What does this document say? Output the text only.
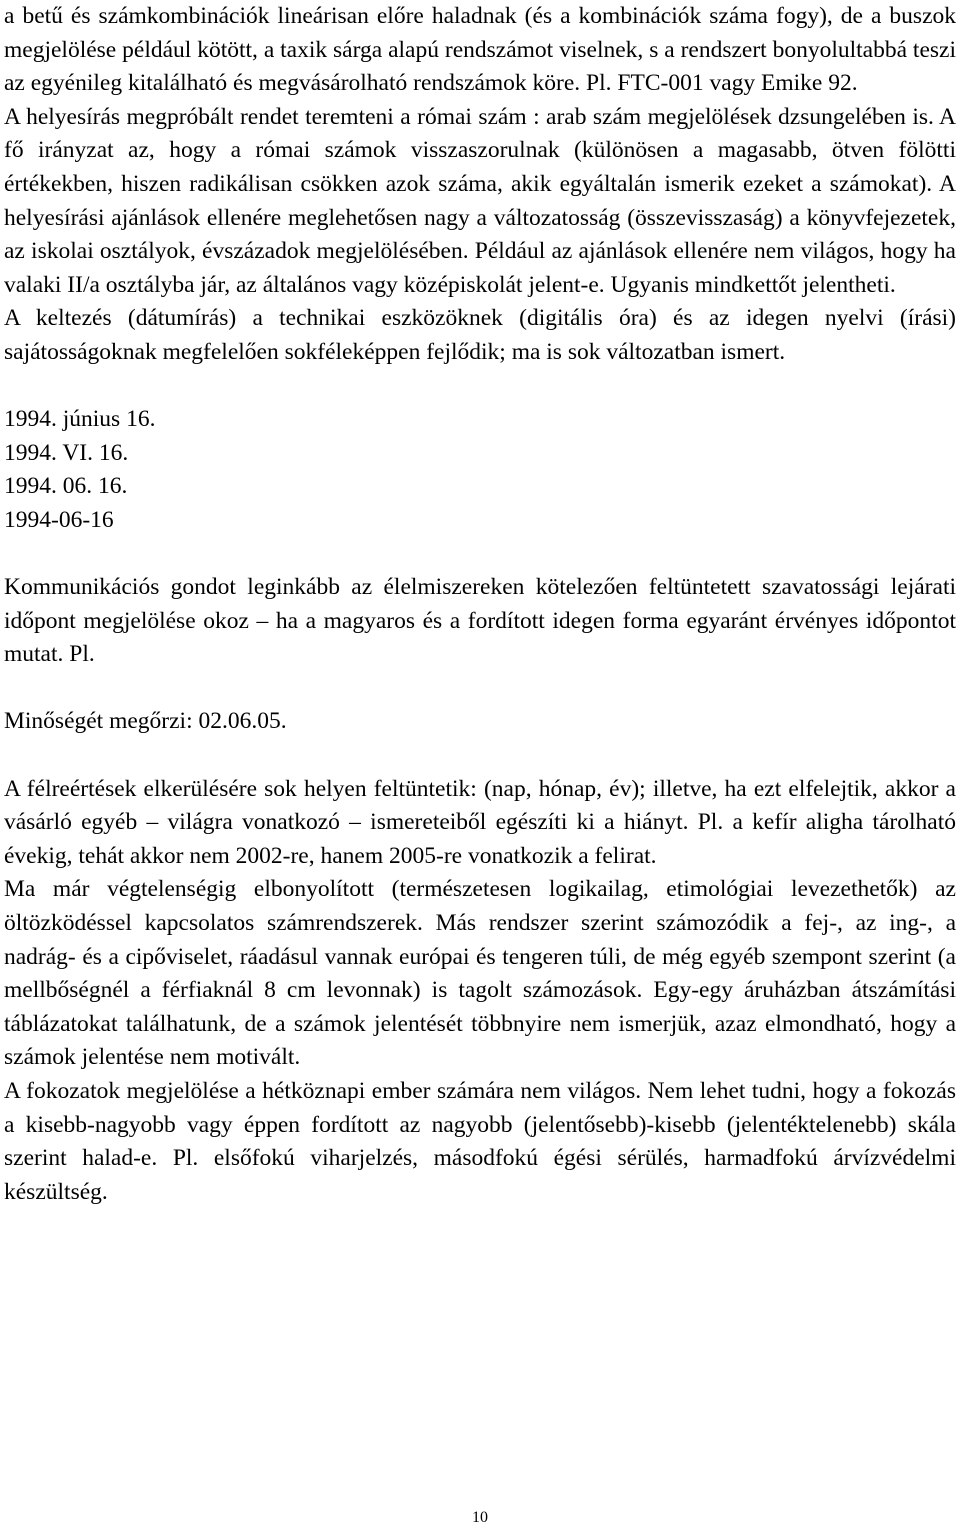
a betű és számkombinációk lineárisan előre haladnak (és a kombinációk száma fogy), de a buszok megjelölése például kötött, a taxik sárga alapú rendszámot viselnek, s a rendszert bonyolultabbá teszi az egyénileg kitalálható és megvásárolható rendszámok köre. Pl. FTC-001 vagy Emike 92.

A helyesírás megpróbált rendet teremteni a római szám : arab szám megjelölések dzsungelében is. A fő irányzat az, hogy a római számok visszaszorulnak (különösen a magasabb, ötven fölötti értékekben, hiszen radikálisan csökken azok száma, akik egyáltalán ismerik ezeket a számokat). A helyesírási ajánlások ellenére meglehetősen nagy a változatosság (összevisszaság) a könyvfejezetek, az iskolai osztályok, évszázadok megjelölésében. Például az ajánlások ellenére nem világos, hogy ha valaki II/a osztályba jár, az általános vagy középiskolát jelent-e. Ugyanis mindkettőt jelentheti.

A keltezés (dátumírás) a technikai eszközöknek (digitális óra) és az idegen nyelvi (írási) sajátosságoknak megfelelően sokféleképpen fejlődik; ma is sok változatban ismert.

1994. június 16.

1994. VI. 16.

1994. 06. 16.

1994-06-16

Kommunikációs gondot leginkább az élelmiszereken kötelezően feltüntetett szavatossági lejárati időpont megjelölése okoz – ha a magyaros és a fordított idegen forma egyaránt érvényes időpontot mutat. Pl.

Minőségét megőrzi: 02.06.05.

A félreértések elkerülésére sok helyen feltüntetik: (nap, hónap, év); illetve, ha ezt elfelejtik, akkor a vásárló egyéb – világra vonatkozó – ismereteiből egészíti ki a hiányt. Pl. a kefír aligha tárolható évekig, tehát akkor nem 2002-re, hanem 2005-re vonatkozik a felirat.

Ma már végtelenségig elbonyolított (természetesen logikailag, etimológiai levezethetők) az öltözködéssel kapcsolatos számrendszerek. Más rendszer szerint számozódik a fej-, az ing-, a nadrág- és a cipőviselet, ráadásul vannak európai és tengeren túli, de még egyéb szempont szerint (a mellbőségnél a férfiaknál 8 cm levonnak) is tagolt számozások. Egy-egy áruházban átszámítási táblázatokat találhatunk, de a számok jelentését többnyire nem ismerjük, azaz elmondható, hogy a számok jelentése nem motivált.

A fokozatok megjelölése a hétköznapi ember számára nem világos. Nem lehet tudni, hogy a fokozás a kisebb-nagyobb vagy éppen fordított az nagyobb (jelentősebb)-kisebb (jelentéktelenebb) skála szerint halad-e. Pl. elsőfokú viharjelzés, másodfokú égési sérülés, harmadfokú árvízvédelmi készültség.

10
